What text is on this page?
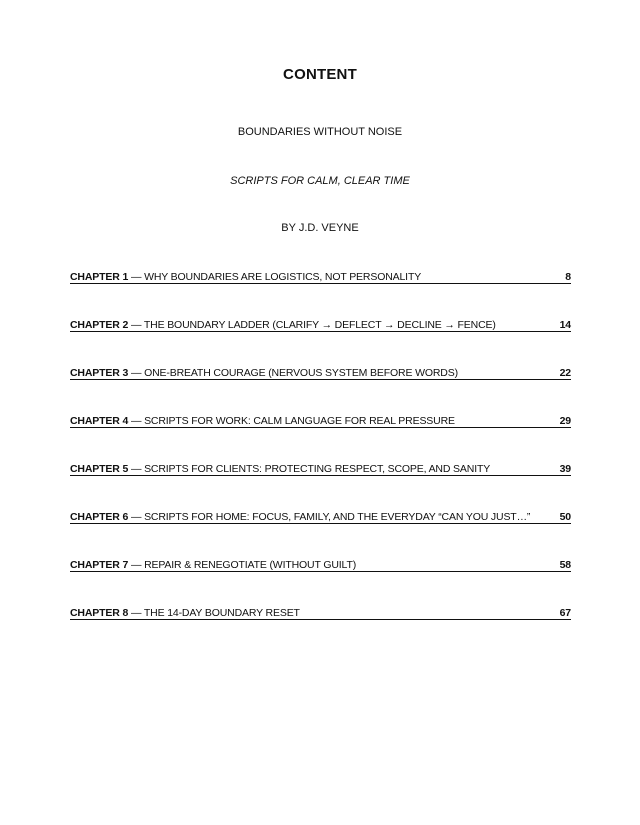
CONTENT
BOUNDARIES WITHOUT NOISE
SCRIPTS FOR CALM, CLEAR TIME
BY J.D. VEYNE
CHAPTER 1 — WHY BOUNDARIES ARE LOGISTICS, NOT PERSONALITY	8
CHAPTER 2 — THE BOUNDARY LADDER (CLARIFY → DEFLECT → DECLINE → FENCE)	14
CHAPTER 3 — ONE-BREATH COURAGE (NERVOUS SYSTEM BEFORE WORDS)	22
CHAPTER 4 — SCRIPTS FOR WORK: CALM LANGUAGE FOR REAL PRESSURE	29
CHAPTER 5 — SCRIPTS FOR CLIENTS: PROTECTING RESPECT, SCOPE, AND SANITY	39
CHAPTER 6 — SCRIPTS FOR HOME: FOCUS, FAMILY, AND THE EVERYDAY “CAN YOU JUST…”	50
CHAPTER 7 — REPAIR & RENEGOTIATE (WITHOUT GUILT)	58
CHAPTER 8 — THE 14-DAY BOUNDARY RESET	67
